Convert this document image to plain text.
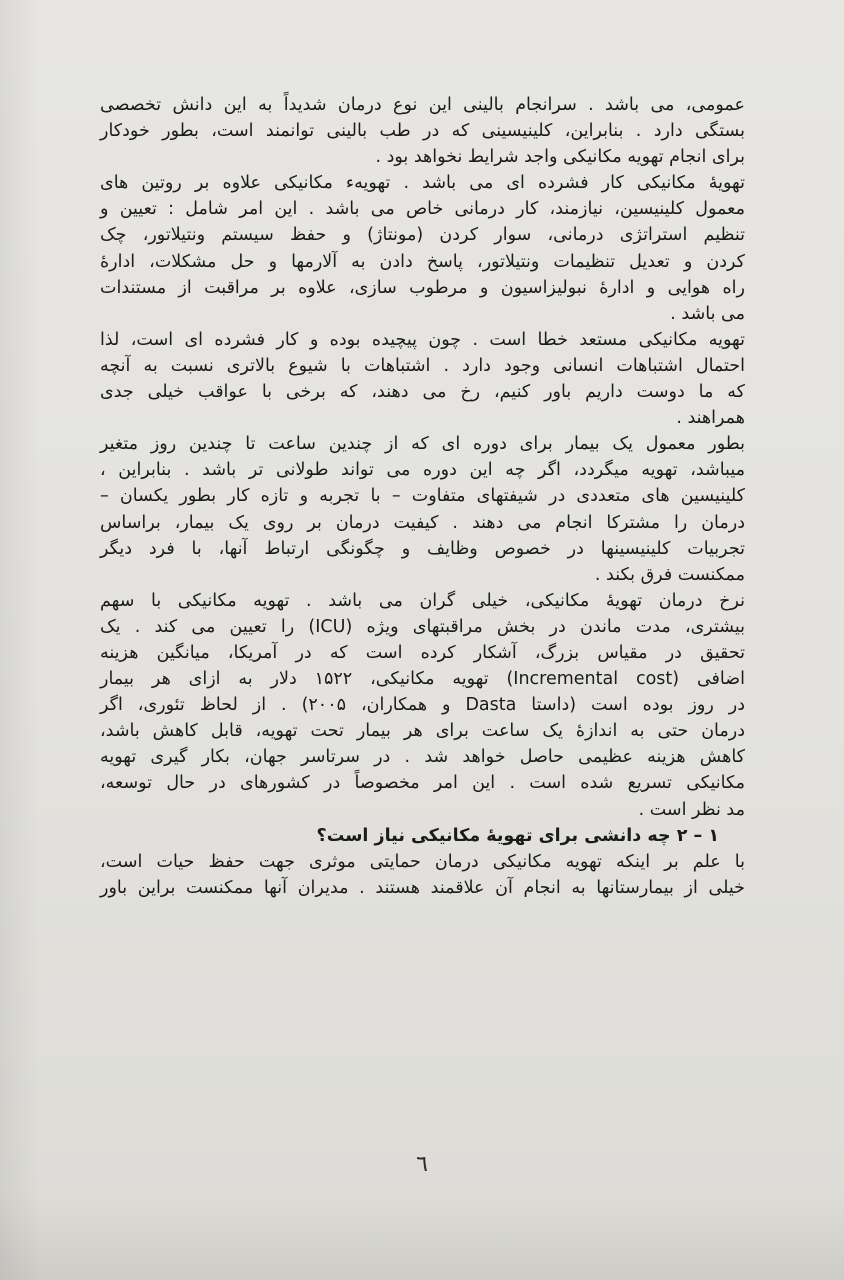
عمومی، می باشد . سرانجام بالینی این نوع درمان شدیداً به این دانش تخصصی
بستگی دارد . بنابراین، کلینیسینی که در طب بالینی توانمند است، بطور خودکار
برای انجام تهویه مکانیکی واجد شرایط نخواهد بود .
تهویهٔ مکانیکی کار فشرده ای می باشد . تهویهء مکانیکی علاوه بر روتین های
معمول کلینیسین، نیازمند، کار درمانی خاص می باشد . این امر شامل : تعیین و
تنظیم استراتژی درمانی، سوار کردن (مونتاژ) و حفظ سیستم ونتیلاتور، چک
کردن و تعدیل تنظیمات ونتیلاتور، پاسخ دادن به آلارمها و حل مشکلات، ادارهٔ
راه هوایی و ادارهٔ نبولیزاسیون و مرطوب سازی، علاوه بر مراقبت از مستندات
می باشد .
تهویه مکانیکی مستعد خطا است . چون پیچیده بوده و کار فشرده ای است، لذا
احتمال اشتباهات انسانی وجود دارد . اشتباهات با شیوع بالاتری نسبت به آنچه
که ما دوست داریم باور کنیم، رخ می دهند، که برخی با عواقب خیلی جدی
همراهند .
بطور معمول یک بیمار برای دوره ای که از چندین ساعت تا چندین روز متغیر
میباشد، تهویه میگردد، اگر چه این دوره می تواند طولانی تر باشد . بنابراین ،
کلینیسین های متعددی در شیفتهای متفاوت – با تجربه و تازه کار بطور یکسان –
درمان را مشترکا انجام می دهند . کیفیت درمان بر روی یک بیمار، براساس
تجربیات کلینیسینها در خصوص وظایف و چگونگی ارتباط آنها، با فرد دیگر
ممکنست فرق بکند .
نرخ درمان تهویهٔ مکانیکی، خیلی گران می باشد . تهویه مکانیکی با سهم
بیشتری، مدت ماندن در بخش مراقبتهای ویژه (ICU) را تعیین می کند . یک
تحقیق در مقیاس بزرگ، آشکار کرده است که در آمریکا، میانگین هزینه
اضافی (Incremental cost) تهویه مکانیکی، ۱۵۲۲ دلار به ازای هر بیمار
در روز بوده است (داستا Dasta و همکاران، ۲۰۰۵) . از لحاظ تئوری، اگر
درمان حتی به اندازهٔ یک ساعت برای هر بیمار تحت تهویه، قابل کاهش باشد،
کاهش هزینه عظیمی حاصل خواهد شد . در سرتاسر جهان، بکار گیری تهویه
مکانیکی تسریع شده است . این امر مخصوصاً در کشورهای در حال توسعه،
مد نظر است .
۱ – ۲ چه دانشی برای تهویهٔ مکانیکی نیاز است؟
با علم بر اینکه تهویه مکانیکی درمان حمایتی موثری جهت حفظ حیات است،
خیلی از بیمارستانها به انجام آن علاقمند هستند . مدیران آنها ممکنست براین باور
٦
